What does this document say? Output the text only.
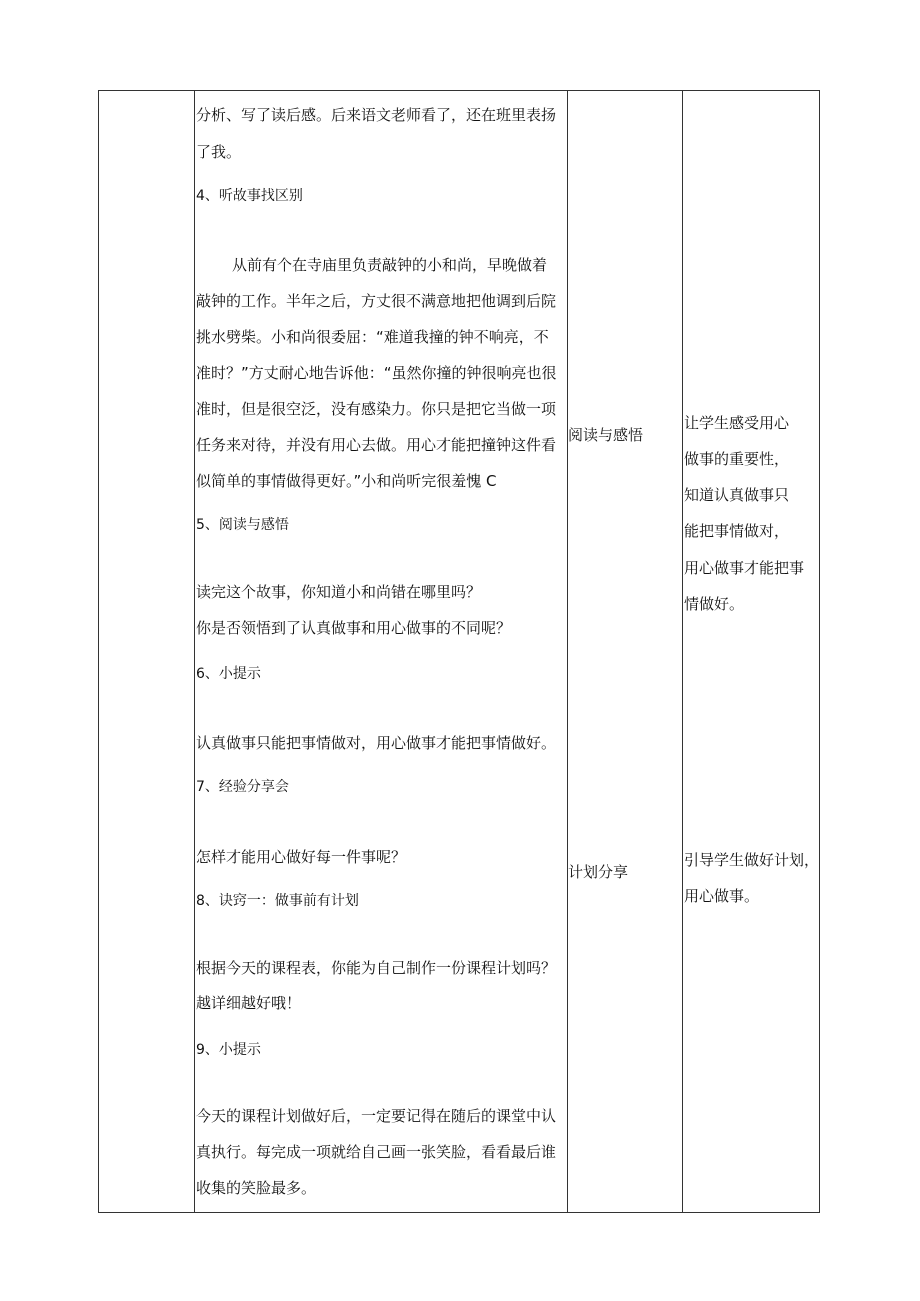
分析、写了读后感。后来语文老师看了，还在班里表扬

了我。

4、听故事找区别

从前有个在寺庙里负责敲钟的小和尚，早晚做着

敲钟的工作。半年之后，方丈很不满意地把他调到后院

挑水劈柴。小和尚很委屈：“难道我撞的钟不响亮，不

准时？”方丈耐心地告诉他：“虽然你撞的钟很响亮也很

准时，但是很空泛，没有感染力。你只是把它当做一项

任务来对待，并没有用心去做。用心才能把撞钟这件看

似简单的事情做得更好。”小和尚听完很羞愧 C

5、阅读与感悟

读完这个故事，你知道小和尚错在哪里吗？

你是否领悟到了认真做事和用心做事的不同呢？

6、小提示

认真做事只能把事情做对，用心做事才能把事情做好。

7、经验分享会

怎样才能用心做好每一件事呢？

8、诀窍一：做事前有计划

根据今天的课程表，你能为自己制作一份课程计划吗？

越详细越好哦！

9、小提示

今天的课程计划做好后，一定要记得在随后的课堂中认

真执行。每完成一项就给自己画一张笑脸，看看最后谁

收集的笑脸最多。

阅读与感悟

计划分享

让学生感受用心

做事的重要性，

知道认真做事只

能把事情做对，

用心做事才能把事

情做好。

引导学生做好计划，

用心做事。
